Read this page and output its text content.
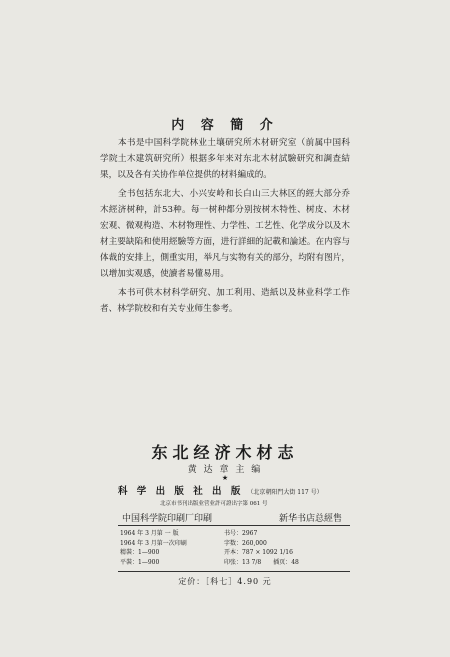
内 容 簡 介

本书是中国科学院林业土壤研究所木材研究室（前属中国科学院土木建筑研究所）根据多年来对东北木材試驗研究和調查結果，以及各有关协作单位提供的材料編成的。

全书包括东北大、小兴安岭和长白山三大林区的經大部分乔木經济树种，計53种。每一树种都分别按树木特性、树皮、木材宏观、微观构造、木材物理性、力学性、工艺性、化学成分以及木材主要缺陷和使用經驗等方面，进行詳細的記載和論述。在内容与体裁的安排上，側重实用，举凡与实物有关的部分，均附有图片，以增加实观感，使讀者易懂易用。

本书可供木材科学研究、加工利用、造紙以及林业科学工作者、林学院校和有关专业师生参考。

东北经济木材志
黄 达 章 主 编
★
科 学 出 版 社 出 版 （北京朝阳門大街 117 号）
北京市书刊出版业营业許可證出字第 061 号
中国科学院印刷厂印刷	新华书店总經售
1964 年 3 月第 一 版	书号：2967
1964 年 3 月第一次印刷	字数：260,000
精裝：1—900	开本：787 × 1092 1/16
平裝：1—900	印张：13 7/8　　插页：48
定价：［科七］4.90 元
